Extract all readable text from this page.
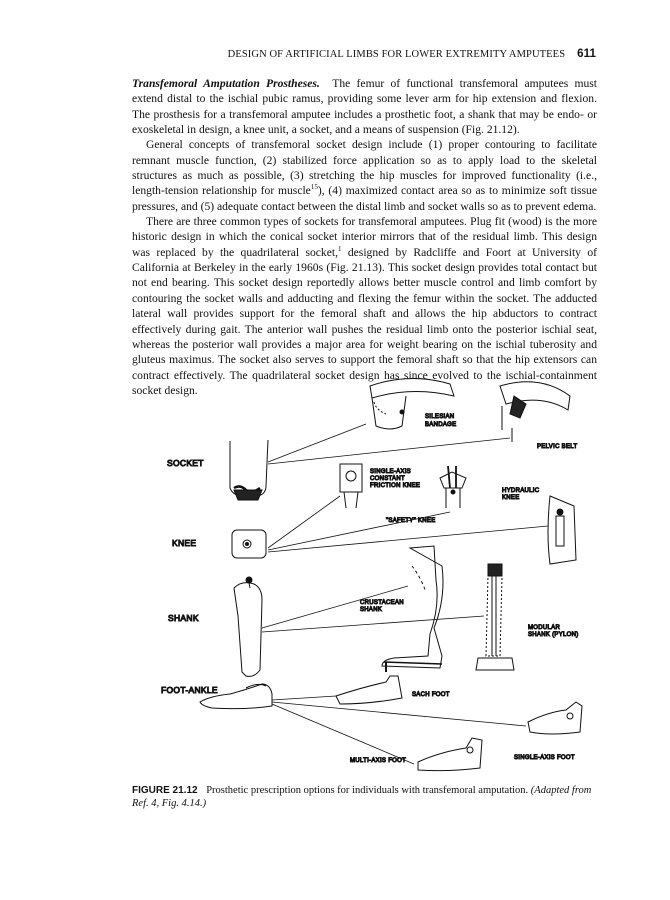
DESIGN OF ARTIFICIAL LIMBS FOR LOWER EXTREMITY AMPUTEES 611

Transfemoral Amputation Prostheses. The femur of functional transfemoral amputees must extend distal to the ischial pubic ramus, providing some lever arm for hip extension and flexion. The prosthesis for a transfemoral amputee includes a prosthetic foot, a shank that may be endo- or exoskeletal in design, a knee unit, a socket, and a means of suspension (Fig. 21.12).

General concepts of transfemoral socket design include (1) proper contouring to facilitate remnant muscle function, (2) stabilized force application so as to apply load to the skeletal structures as much as possible, (3) stretching the hip muscles for improved functionality (i.e., length-tension relationship for muscle$^{15}$), (4) maximized contact area so as to minimize soft tissue pressures, and (5) adequate contact between the distal limb and socket walls so as to prevent edema.

There are three common types of sockets for transfemoral amputees. Plug fit (wood) is the more historic design in which the conical socket interior mirrors that of the residual limb. This design was replaced by the quadrilateral socket,$^1$ designed by Radcliffe and Foort at University of California at Berkeley in the early 1960s (Fig. 21.13). This socket design provides total contact but not end bearing. This socket design reportedly allows better muscle control and limb comfort by contouring the socket walls and adducting and flexing the femur within the socket. The adducted lateral wall provides support for the femoral shaft and allows the hip abductors to contract effectively during gait. The anterior wall pushes the residual limb onto the posterior ischial seat, whereas the posterior wall provides a major area for weight bearing on the ischial tuberosity and gluteus maximus. The socket also serves to support the femoral shaft so that the hip extensors can contract effectively. The quadrilateral socket design has since evolved to the ischial-containment socket design.

SOCKET
KNEE
SHANK
FOOT-ANKLE
SILESIAN
BANDAGE
PELVIC BELT
SINGLE-AXIS
CONSTANT
FRICTION KNEE
"SAFETY" KNEE
HYDRAULIC
KNEE
CRUSTACEAN
SHANK
MODULAR
SHANK (PYLON)
SACH FOOT
SINGLE-AXIS FOOT
MULTI-AXIS FOOT
FIGURE 21.12 Prosthetic prescription options for individuals with transfemoral amputation. (Adapted from Ref. 4, Fig. 4.14.)
